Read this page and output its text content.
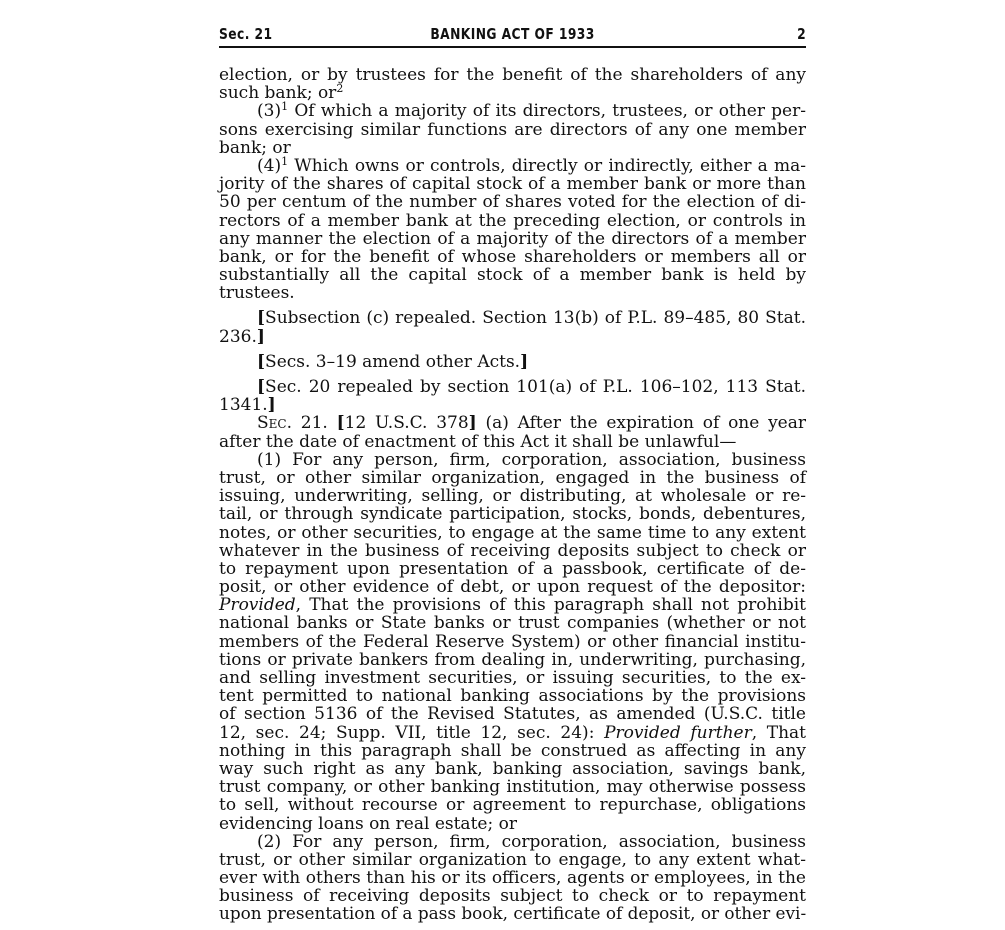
Sec. 21	BANKING ACT OF 1933	2
election, or by trustees for the benefit of the shareholders of any
such bank; $or^2$
$(3)^1$ Of which a majority of its directors, trustees, or other per-
sons exercising similar functions are directors of any one member
bank; or
$(4)^1$ Which owns or controls, directly or indirectly, either a ma-
jority of the shares of capital stock of a member bank or more than
50 per centum of the number of shares voted for the election of di-
rectors of a member bank at the preceding election, or controls in
any manner the election of a majority of the directors of a member
bank, or for the benefit of whose shareholders or members all or
substantially all the capital stock of a member bank is held by
trustees.
[Subsection (c) repealed. Section 13(b) of P.L. 89–485, 80 Stat.
236.]
[Secs. 3–19 amend other Acts.]
[Sec. 20 repealed by section 101(a) of P.L. 106–102, 113 Stat.
1341.]
Sec. 21. [12 U.S.C. 378] (a) After the expiration of one year
after the date of enactment of this Act it shall be unlawful—
(1) For any person, firm, corporation, association, business
trust, or other similar organization, engaged in the business of
issuing, underwriting, selling, or distributing, at wholesale or re-
tail, or through syndicate participation, stocks, bonds, debentures,
notes, or other securities, to engage at the same time to any extent
whatever in the business of receiving deposits subject to check or
to repayment upon presentation of a passbook, certificate of de-
posit, or other evidence of debt, or upon request of the depositor:
Provided, That the provisions of this paragraph shall not prohibit
national banks or State banks or trust companies (whether or not
members of the Federal Reserve System) or other financial institu-
tions or private bankers from dealing in, underwriting, purchasing,
and selling investment securities, or issuing securities, to the ex-
tent permitted to national banking associations by the provisions
of section 5136 of the Revised Statutes, as amended (U.S.C. title
12, sec. 24; Supp. VII, title 12, sec. 24): Provided further, That
nothing in this paragraph shall be construed as affecting in any
way such right as any bank, banking association, savings bank,
trust company, or other banking institution, may otherwise possess
to sell, without recourse or agreement to repurchase, obligations
evidencing loans on real estate; or
(2) For any person, firm, corporation, association, business
trust, or other similar organization to engage, to any extent what-
ever with others than his or its officers, agents or employees, in the
business of receiving deposits subject to check or to repayment
upon presentation of a pass book, certificate of deposit, or other evi-
